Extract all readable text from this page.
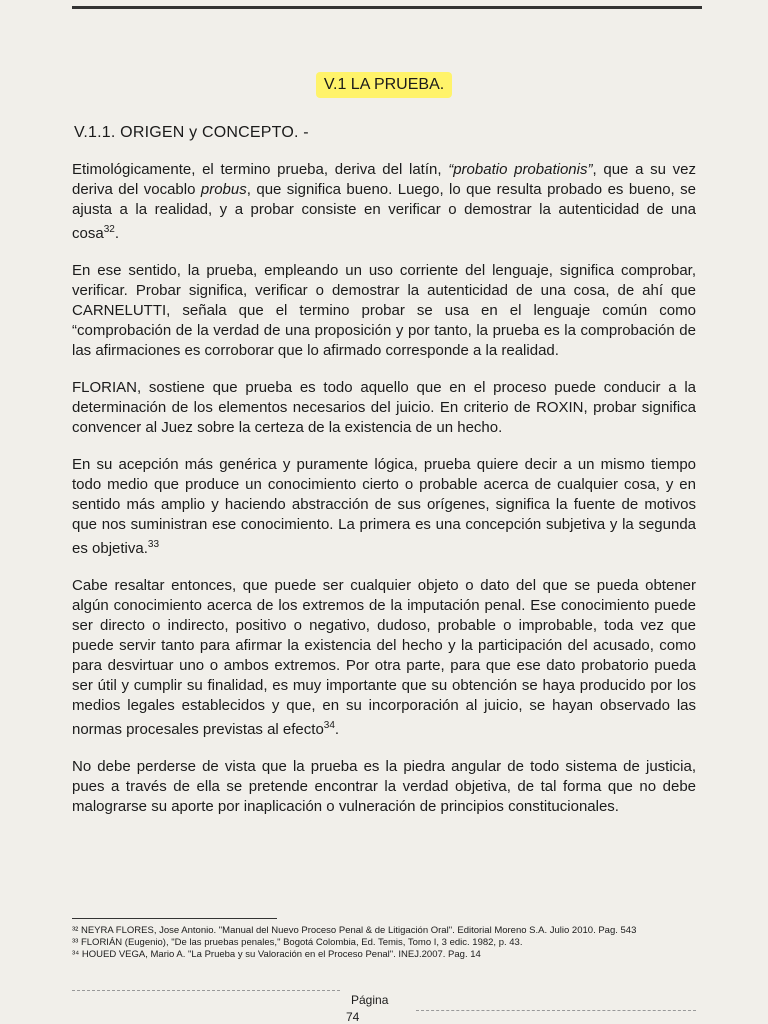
V.1 LA PRUEBA.
V.1.1. ORIGEN y CONCEPTO. -

Etimológicamente, el termino prueba, deriva del latín, “probatio probationis”, que a su vez deriva del vocablo probus, que significa bueno. Luego, lo que resulta probado es bueno, se ajusta a la realidad, y a probar consiste en verificar o demostrar la autenticidad de una cosa$^{32}$.

En ese sentido, la prueba, empleando un uso corriente del lenguaje, significa comprobar, verificar. Probar significa, verificar o demostrar la autenticidad de una cosa, de ahí que CARNELUTTI, señala que el termino probar se usa en el lenguaje común como “comprobación de la verdad de una proposición y por tanto, la prueba es la comprobación de las afirmaciones es corroborar que lo afirmado corresponde a la realidad.

FLORIAN, sostiene que prueba es todo aquello que en el proceso puede conducir a la determinación de los elementos necesarios del juicio. En criterio de ROXIN, probar significa convencer al Juez sobre la certeza de la existencia de un hecho.

En su acepción más genérica y puramente lógica, prueba quiere decir a un mismo tiempo todo medio que produce un conocimiento cierto o probable acerca de cualquier cosa, y en sentido más amplio y haciendo abstracción de sus orígenes, significa la fuente de motivos que nos suministran ese conocimiento. La primera es una concepción subjetiva y la segunda es objetiva.$^{33}$

Cabe resaltar entonces, que puede ser cualquier objeto o dato del que se pueda obtener algún conocimiento acerca de los extremos de la imputación penal. Ese conocimiento puede ser directo o indirecto, positivo o negativo, dudoso, probable o improbable, toda vez que puede servir tanto para afirmar la existencia del hecho y la participación del acusado, como para desvirtuar uno o ambos extremos. Por otra parte, para que ese dato probatorio pueda ser útil y cumplir su finalidad, es muy importante que su obtención se haya producido por los medios legales establecidos y que, en su incorporación al juicio, se hayan observado las normas procesales previstas al efecto$^{34}$.

No debe perderse de vista que la prueba es la piedra angular de todo sistema de justicia, pues a través de ella se pretende encontrar la verdad objetiva, de tal forma que no debe malograrse su aporte por inaplicación o vulneración de principios constitucionales.

³² NEYRA FLORES, Jose Antonio. "Manual del Nuevo Proceso Penal & de Litigación Oral". Editorial Moreno S.A. Julio 2010. Pag. 543

³³ FLORIÁN (Eugenio), "De las pruebas penales," Bogotá Colombia, Ed. Temis, Tomo I, 3 edic. 1982, p. 43.

³⁴ HOUED VEGA, Mario A. "La Prueba y su Valoración en el Proceso Penal". INEJ.2007. Pag. 14

Página
74
